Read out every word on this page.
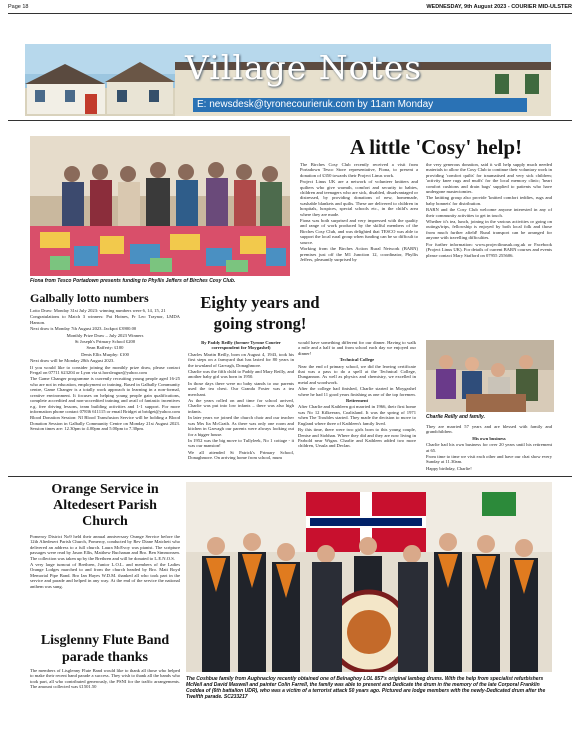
Page 18	WEDNESDAY, 9th August 2023 - COURIER MID-ULSTER
Village Notes
E: newsdesk@tyronecourieruk.com by 11am Monday
Fiona from Tesco Portadown presents funding to Phyllis Jeffers of Birches Cosy Club.
A little 'Cosy' help!

The Birches Cosy Club recently received a visit from Portadown Tesco Store representative, Fiona, to present a donation of £350 towards their Project Linus work.

Project Linus UK are a network of volunteer knitters and quilters who give warmth, comfort and security to babies, children and teenagers who are sick, disabled, disadvantaged or distressed, by providing donations of new, homemade, washable blankets and quilts. These are delivered to children in hospitals, hospices, special schools etc., in the child's area where they are made.

Fiona was both surprised and very impressed with the quality and range of work produced by the skilful members of the Birches Cosy Club, and was delighted that TESCO was able to support the local rural group when funding can be so difficult to source.

Working from the Birches Action Rural Network (BARN) premises just off the M1 Junction 12, coordinator, Phyllis Jeffers, pleasantly surprised by

the very generous donation, said it will help supply much needed materials to allow the Cosy Club to continue their voluntary work in providing 'comfort quilts' for traumatised and very sick children; 'activity knee rugs and muffs' for the local memory clinic; 'heart comfort cushions and drain bags' supplied to patients who have undergone mastectomies.

The knitting group also provide 'knitted comfort teddies, rugs and baby bonnets' for distribution.

BARN and the Cosy Club welcome anyone interested in any of their community activities to get in touch.

Whether it's tea, lunch, joining in the various activities or going on outings/trips, fellowship is enjoyed by both local folk and those from much further afield! Rural transport can be arranged for anyone with travelling difficulties.

For further information: www.projectlinusuk.org.uk or Facebook (Project Linus UK). For details of current BARN courses and events please contact Mary Stafford on 07955 255606.

Galbally lotto numbers

Lotto Draw: Monday 31st July 2023: winning numbers were 6, 14, 15, 21

Congratulations to Match 3 winners: Pat Hoines, Fr Leo Traynor, LMDA Hanson.

Next draw is Monday 7th August 2023. Jackpot £3900.00

Monthly Prize Draw – July 2023 Winners

St Joseph's Primary School £200

Sean Rafferty: £100

Denis Ellis Murphy: £100

Next draw will be Monday 28th August 2023.

If you would like to consider joining the monthly prize draw, please contact Fergal on 07711 623204 or Lyon via st.horsleague@yahoo.com

The Game Changer programme is currently recruiting young people aged 16-25 who are not in education, employment or training. Based in Galbally Community centre, Game Changer is a totally work approach to learning in a non-formal, creative environment. It focuses on helping young people gain qualifications, complete accredited and non-accredited training and avail of fantastic incentives e.g. free driving lessons, team building activities and 1-1 support. For more information phone contact 07836 611115 or email Bridget at bridget@yahoo.com

Blood Donation Session: NI Blood Transfusion Service will be holding a Blood Donation Session in Galbally Community Centre on Monday 21st August 2023. Session times are: 12.30pm to 4.00pm and 5.00pm to 7.30pm.

Eighty years and going strong!

By Paddy Reilly (former Tyrone Courier correspondent for Moygashel)

Charles Martin Reilly, born on August 4, 1943, took his first steps on a farmyard that has lasted for 80 years in the townland of Garvagh, Donaghmore.

Charlie was the fifth child to Paddy and Mary Reilly, and another baby girl was born in 1950.

In those days there were no baby stands to our parents used the tea chest. Our Granda Foster was a tea merchant.

As the years rolled on and time for school arrived, Charlie was put into low infants – there was also high infants.

In later years we joined the church choir and our teacher was Mrs Ita McGrath. As there was only one room and kitchen in Garvagh our parents were always looking out for a bigger house.

In 1952 was the big move to Tullyleek, No 1 cottage - it was our mansion!

We all attended St Patrick's Primary School, Donaghmore. On arriving home from school, mum

would have something different for our dinner. Having to walk a mile and a half to and from school each day we enjoyed our dinner!

Technical College

Near the end of primary school, we did the leaving certificate that was a pass to do a spell at the Technical College, Dungannon. As well as physics and chemistry, we excelled in metal and woodwork.

After the college had finished, Charlie started in Moygashel where he had 11 good years finishing as one of the top foremen.

Retirement

After Charlie and Kathleen got married in 1966, their first home was No 12 Kilkeeran, Coalisland. It was the spring of 1971 when The Troubles started. They made the decision to move to England where three of Kathleen's family lived.

By this time, there were two girls born to this young couple, Denise and Siobhan. Where they did and they are now living in Parbold near Wigan. Charlie and Kathleen added two more children, Ursula and Declan.

Charlie Reilly and family.

They are married 57 years and are blessed with family and grandchildren.

His own business

Charlie had his own business for over 20 years until his retirement at 65.

From time to time we visit each other and have our chat show every Sunday at 11.30am.

Happy birthday, Charlie!

Orange Service in Altedesert Parish Church

Pomeroy District No9 held their annual anniversary Orange Service before the 12th Altedesert Parish Church, Pomeroy, conducted by Rev Diane Matchett who delivered an address to a full church. Laura McEvoy was pianist. The scripture passages were read by Jason Ellis, Matthew Buchanan and Bro. Ben Simmonsen. The collection was taken up by the Brethren and will be donated to L.E.N.O.S.

A very large turnout of Brethren, Junior L.O.L. and members of the Ladies Orange Lodges marched to and from the church headed by Bro. Matt Boyd Memorial Pipe Band. Bro Ian Hayes W.D.M. thanked all who took part in the service and parade and helped in any way. At the end of the service the national anthem was sung.

Lisglenny Flute Band parade thanks

The members of Lisglenny Flute Band would like to thank all those who helped to make their recent band parade a success. They wish to thank all the bands who took part, all who contributed generously, the PSNI for the traffic arrangements. The amount collected was £1501.50

The Coshbue family from Aughnacloy recently obtained one of Belnaghoy LOL 857's original lambeg drums. With the help from specialist refurbishers McNeil and David Maxwell and painter Colin Farrell, the family was able to present and Dedicate the drum in the memory of the late Corporal Franklin Coddea of (6th battalion UDR), who was a victim of a terrorist attack 50 years ago. Pictured are lodge members with the newly-Dedicated drum after the Twelfth parade. SC233217
